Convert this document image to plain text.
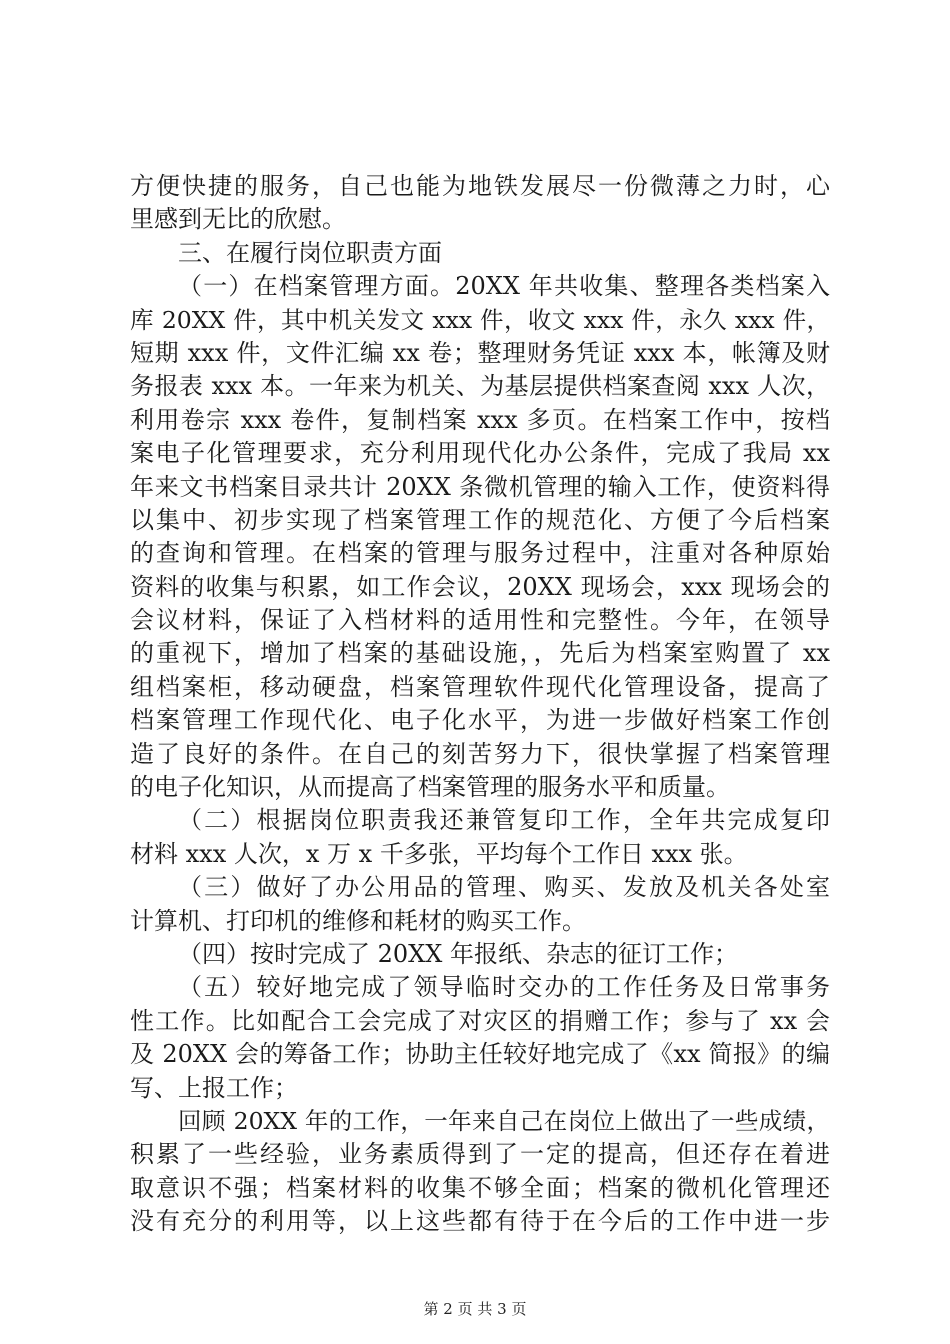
方便快捷的服务，自己也能为地铁发展尽一份微薄之力时，心
里感到无比的欣慰。
三、在履行岗位职责方面
（一）在档案管理方面。20XX 年共收集、整理各类档案入
库 20XX 件，其中机关发文 xxx 件，收文 xxx 件，永久 xxx 件，
短期 xxx 件，文件汇编 xx 卷；整理财务凭证 xxx 本，帐簿及财
务报表 xxx 本。一年来为机关、为基层提供档案查阅 xxx 人次，
利用卷宗 xxx 卷件，复制档案 xxx 多页。在档案工作中，按档
案电子化管理要求，充分利用现代化办公条件，完成了我局 xx
年来文书档案目录共计 20XX 条微机管理的输入工作，使资料得
以集中、初步实现了档案管理工作的规范化、方便了今后档案
的查询和管理。在档案的管理与服务过程中，注重对各种原始
资料的收集与积累，如工作会议，20XX 现场会，xxx 现场会的
会议材料，保证了入档材料的适用性和完整性。今年，在领导
的重视下，增加了档案的基础设施，，先后为档案室购置了 xx
组档案柜，移动硬盘，档案管理软件现代化管理设备，提高了
档案管理工作现代化、电子化水平，为进一步做好档案工作创
造了良好的条件。在自己的刻苦努力下，很快掌握了档案管理
的电子化知识，从而提高了档案管理的服务水平和质量。
（二）根据岗位职责我还兼管复印工作，全年共完成复印
材料 xxx 人次，x 万 x 千多张，平均每个工作日 xxx 张。
（三）做好了办公用品的管理、购买、发放及机关各处室
计算机、打印机的维修和耗材的购买工作。
（四）按时完成了 20XX 年报纸、杂志的征订工作；
（五）较好地完成了领导临时交办的工作任务及日常事务
性工作。比如配合工会完成了对灾区的捐赠工作；参与了 xx 会
及 20XX 会的筹备工作；协助主任较好地完成了《xx 简报》的编
写、上报工作；
回顾 20XX 年的工作，一年来自己在岗位上做出了一些成绩，
积累了一些经验，业务素质得到了一定的提高，但还存在着进
取意识不强；档案材料的收集不够全面；档案的微机化管理还
没有充分的利用等，以上这些都有待于在今后的工作中进一步
第 2 页 共 3 页
